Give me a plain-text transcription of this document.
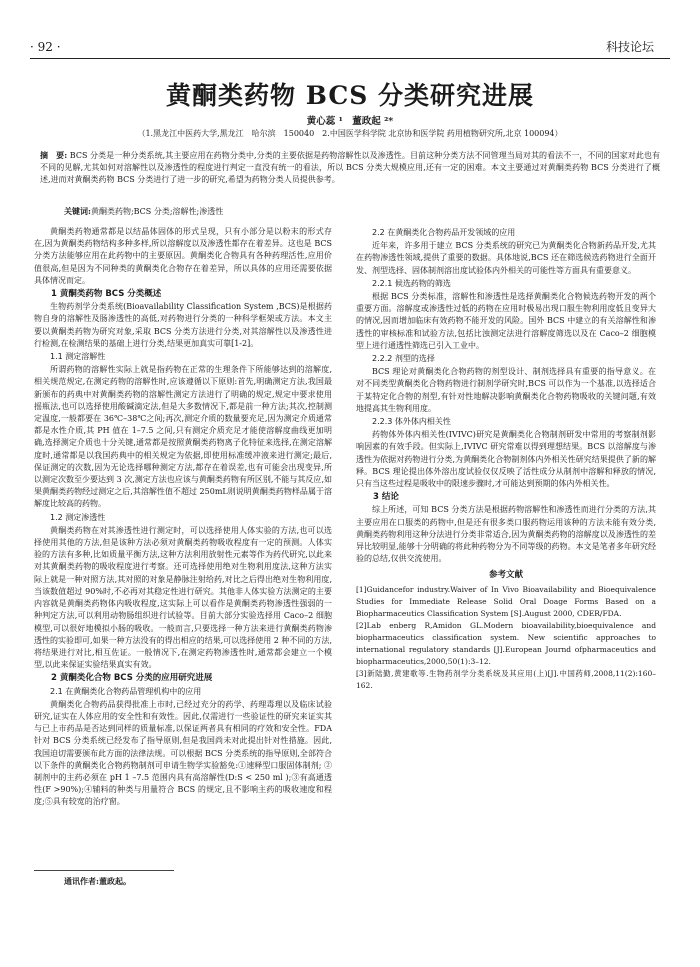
· 92 ·	科技论坛
黄酮类药物 BCS 分类研究进展
黄心蕊 ¹　董政起 ²*
（1.黑龙江中医药大学,黑龙江　哈尔滨　150040　2.中国医学科学院 北京协和医学院 药用植物研究所,北京 100094）
摘　要: BCS 分类是一种分类系统,其主要应用在药物分类中,分类的主要依据是药物溶解性以及渗透性。目前这种分类方法不同管理当局对其的看法不一，不同的国家对此也有不同的见解,尤其如何对溶解性以及渗透性的程度进行判定一直没有统一的看法，所以 BCS 分类大规模应用,还有一定的困难。本文主要通过对黄酮类药物 BCS 分类进行了概述,进而对黄酮类药物 BCS 分类进行了进一步的研究,希望为药物分类人员提供参考。
关键词:黄酮类药物;BCS 分类;溶解性;渗透性

黄酮类药物通常都是以结晶体固体的形式呈现，只有小部分是以粉末的形式存在,因为黄酮类药物结构多种多样,所以溶解度以及渗透性都存在着差异。这也是 BCS 分类方法能够应用在此药物中的主要原因。黄酮类化合物具有各种药理活性,应用价值很高,但是因为不同种类的黄酮类化合物存在着差异，所以具体的应用还需要依据具体情况而定。

1 黄酮类药物 BCS 分类概述

生物药剂学分类系统(Bioavailability Classification System ,BCS)是根据药物自身的溶解性及肠渗透性的高低,对药物进行分类的一种科学框架或方法。本文主要以黄酮类药物为研究对象,采取 BCS 分类方法进行分类,对其溶解性以及渗透性进行检测,在检测结果的基础上进行分类,结果更加真实可靠[1-2]。

1.1 测定溶解性

所谓药物的溶解性实际上就是指药物在正常的生理条件下所能够达到的溶解度,相关规范规定,在测定药物的溶解性时,应该遵循以下原则:首先,明确测定方法,我国最新颁布的药典中对黄酮类药物的溶解性测定方法进行了明确的规定,规定中要求使用摇瓶法,也可以选择使用酸碱滴定法,但是大多数情况下,都是前一种方法;其次,控制测定温度,一般都要在 36℃–38℃之间;再次,测定介质的数量要充足,因为测定介质通常都是水性介质,其 PH 值在 1–7.5 之间,只有测定介质充足才能使溶解度曲线更加明确,选择测定介质也十分关键,通常都是按照黄酮类药物离子化特征来选择,在测定溶解度时,通常都是以我国药典中的相关规定为依据,即使用标准缓冲液来进行测定;最后,保证测定的次数,因为无论选择哪种测定方法,都存在着误差,也有可能会出现变异,所以测定次数至少要达到 3 次,测定方法也应该与黄酮类药物有所区别,不能与其反应,如果黄酮类药物经过测定之后,其溶解性值不超过 250mL则说明黄酮类药物样品属于溶解度比较高的药物。

1.2 测定渗透性

黄酮类药物在对其渗透性进行测定时，可以选择使用人体实验的方法,也可以选择使用其他的方法,但是该种方法必须对黄酮类药物吸收程度有一定的预测。人体实验的方法有多种,比如质量平衡方法,这种方法利用放射性元素等作为药代研究,以此来对其黄酮类药物的吸收程度进行考察。还可选择使用绝对生物利用度法,这种方法实际上就是一种对照方法,其对照的对象是静脉注射给药,对比之后得出绝对生物利用度,当该数值超过 90%时,不必再对其稳定性进行研究。其他非人体实验方法测定的主要内容就是黄酮类药物体内吸收程度,这实际上可以看作是黄酮类药物渗透性强弱的一种判定方法,可以利用动物肠组织进行试验等。目前大部分实验选择用 Caco–2 细胞模型,可以很好地模拟小肠的吸收。一般而言,只要选择一种方法来进行黄酮类药物渗透性的实验即可,如果一种方法没有的得出相应的结果,可以选择使用 2 种不同的方法,将结果进行对比,相互佐证。一般情况下,在测定药物渗透性时,通常都会建立一个模型,以此来保证实验结果真实有效。

2 黄酮类化合物 BCS 分类的应用研究进展
2.1 在黄酮类化合物药品管理机构中的应用

黄酮类化合物药品获得批准上市时,已经过充分的药学、药理毒理以及临床试验研究,证实在人体应用的安全性和有效性。因此,仅需进行一些验证性的研究来证实其与已上市药品是否达到同样的质量标准,以保证两者具有相同的疗效和安全性。FDA 针对 BCS 分类系统已经发布了指导原则,但是我国尚未对此提出针对性措施。因此,我国迫切需要颁布此方面的法律法规。可以根据 BCS 分类系统的指导原则,全部符合以下条件的黄酮类化合物药物制剂可申请生物学实验豁免:①速释型口服固体制剂; ②制剂中的主药必须在 pH 1 –7.5 范围内具有高溶解性(D:S < 250 ml );③有高通透性(F >90%);④辅料的种类与用量符合 BCS 的规定,且不影响主药的吸收速度和程度;⑤具有较宽的治疗窗。

2.2 在黄酮类化合物药品开发领域的应用

近年来，许多用于建立 BCS 分类系统的研究已为黄酮类化合物新药品开发,尤其在药物渗透性领域,提供了重要的数据。具体地说,BCS 还在筛选候选药物进行全面开发、剂型选择、固体制剂溶出度试验体内外相关的可能性等方面具有重要意义。

2.2.1 候选药物的筛选

根据 BCS 分类标准，溶解性和渗透性是选择黄酮类化合物候选药物开发的两个重要方面。溶解度或渗透性过低的药物在应用时极易出现口服生物利用度低且变异大的情况,因而增加临床有效药物不能开发的风险。国外 BCS 中建立的有关溶解性和渗透性的审核标准和试验方法,包括比浊测定法进行溶解度筛选以及在 Caco–2 细胞模型上进行通透性筛选已引入工业中。

2.2.2 剂型的选择

BCS 理论对黄酮类化合物药物的剂型设计、制剂选择具有重要的指导意义。在对不同类型黄酮类化合物药物进行制剂学研究时,BCS 可以作为一个基准,以选择适合于某特定化合物的剂型,有针对性地解决影响黄酮类化合物药物吸收的关键问题,有效地提高其生物利用度。

2.2.3 体外体内相关性

药物体外体内相关性(IVIVC)研究是黄酮类化合物制剂研发中常用的考察制剂影响因素的有效手段。但实际上,IVIVC 研究常难以得到理想结果。BCS 以溶解度与渗透性为依据对药物进行分类,为黄酮类化合物制剂体内外相关性研究结果提供了新的解释。BCS 理论提出体外溶出度试验仅仅反映了活性成分从制剂中溶解和释放的情况,只有当这些过程是吸收中的限速步骤时,才可能达到预期的体内外相关性。

3 结论

综上所述，可知 BCS 分类方法是根据药物溶解性和渗透性而进行分类的方法,其主要应用在口服类的药物中,但是还有很多类口服药物运用该种的方法未能有效分类,黄酮类药物利用这种分法进行分类非常适合,因为黄酮类药物的溶解度以及渗透性的差异比较明显,能够十分明确的将此种药物分为不同等级的药物。本文是笔者多年研究经验的总结,仅供交流使用。

参考文献

[1]Guidancefor industry.Waiver of In Vivo Bioavailability and Bioequivalence Studies for Immediate Release Solid Oral Doage Forms Based on a Biopharmaceutics Classification System [S].August 2000, CDER/FDA.

[2]Lab enberg R,Amidon GL.Modern bioavailability,bioequivalence and biopharmaceutics classification system. New scientific approaches to international regulatory standards [J].European Journd ofpharmaceutics and biopharmaceutics,2000,50(1):3–12.

[3]新陆勤,黄建歌等.生物药剂学分类系统及其应用(上)[J].中国药师,2008,11(2):160–162.

通讯作者:董政起。
